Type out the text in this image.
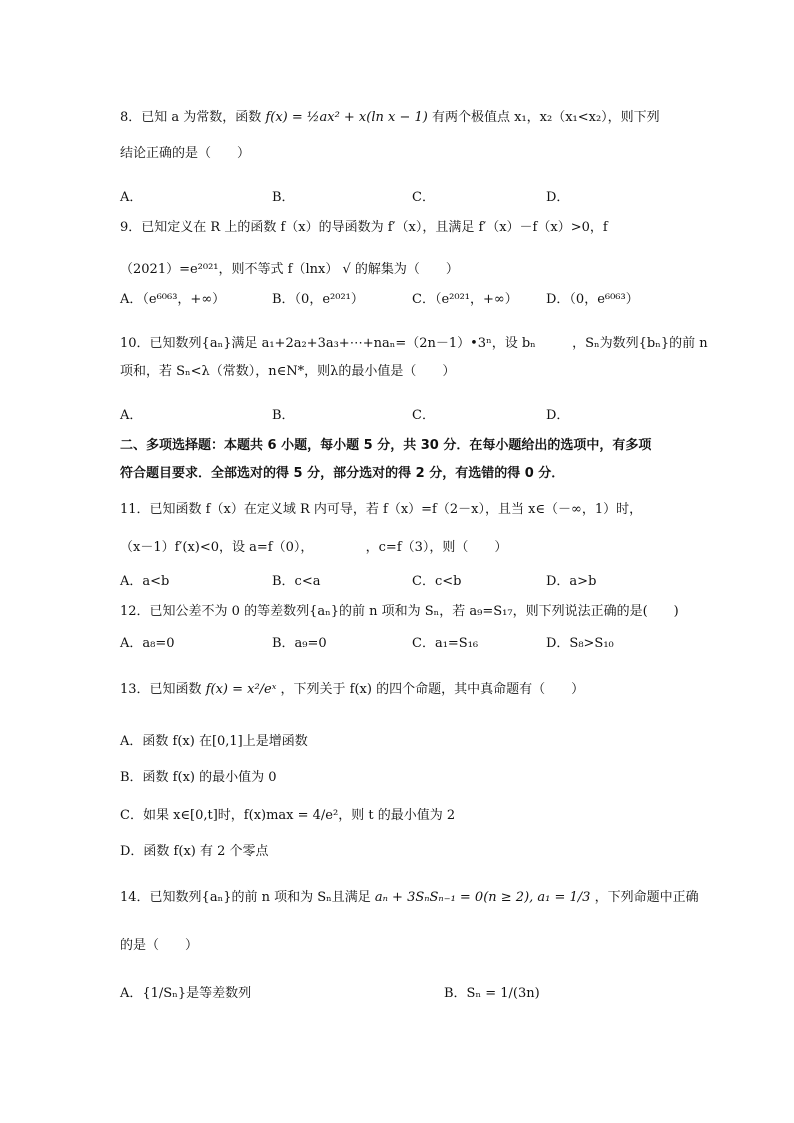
8．已知 a 为常数，函数 f(x) = ½ax² + x(ln x − 1) 有两个极值点 x₁，x₂（x₁<x₂），则下列
结论正确的是（　　）
A．	B．	C．	D．
9．已知定义在 R 上的函数 f（x）的导函数为 f′（x），且满足 f′（x）－f（x）>0，f
（2021）=e²⁰²¹，则不等式 f（lnx） √ 的解集为（　　）
A．（e⁶⁰⁶³，+∞）	B．（0，e²⁰²¹）	C．（e²⁰²¹，+∞） D．（0，e⁶⁰⁶³）
10．已知数列{aₙ}满足 a₁+2a₂+3a₃+⋯+naₙ=（2n－1）•3ⁿ，设 bₙ	，Sₙ为数列{bₙ}的前 n
项和，若 Sₙ<λ（常数），n∈N*，则λ的最小值是（　　）
A．	B．	C．	D．
二、多项选择题：本题共 6 小题，每小题 5 分，共 30 分．在每小题给出的选项中，有多项
符合题目要求．全部选对的得 5 分，部分选对的得 2 分，有选错的得 0 分．
11．已知函数 f（x）在定义域 R 内可导，若 f（x）=f（2－x），且当 x∈（－∞，1）时，
（x－1）f′(x)<0，设 a=f（0），	，c=f（3），则（　　）
A．a<b	B．c<a	C．c<b	D．a>b
12．已知公差不为 0 的等差数列{aₙ}的前 n 项和为 Sₙ，若 a₉=S₁₇，则下列说法正确的是(　　)
A．a₈=0	B．a₉=0	C．a₁=S₁₆	D．S₈>S₁₀
13．已知函数 f(x) = x²/eˣ ，下列关于 f(x) 的四个命题，其中真命题有（　　）
A．函数 f(x) 在[0,1]上是增函数
B．函数 f(x) 的最小值为 0
C．如果 x∈[0,t]时，f(x)max = 4/e²，则 t 的最小值为 2
D．函数 f(x) 有 2 个零点
14．已知数列{aₙ}的前 n 项和为 Sₙ且满足 aₙ + 3SₙSₙ₋₁ = 0(n ≥ 2), a₁ = 1/3 ，下列命题中正确
的是（　　）
A．{1/Sₙ}是等差数列	B．Sₙ = 1/(3n)
